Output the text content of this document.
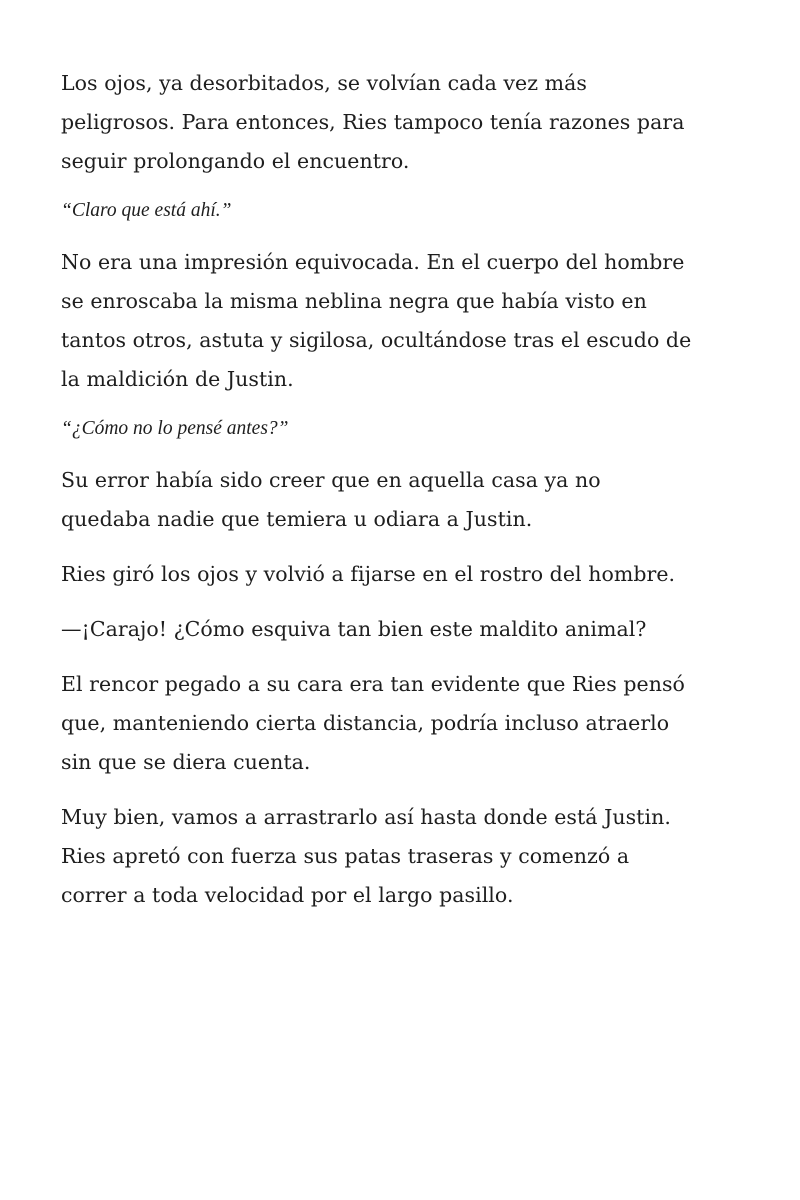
Los ojos, ya desorbitados, se volvían cada vez más
peligrosos. Para entonces, Ries tampoco tenía razones para
seguir prolongando el encuentro.

“Claro que está ahí.”

No era una impresión equivocada. En el cuerpo del hombre
se enroscaba la misma neblina negra que había visto en
tantos otros, astuta y sigilosa, ocultándose tras el escudo de
la maldición de Justin.

“¿Cómo no lo pensé antes?”

Su error había sido creer que en aquella casa ya no
quedaba nadie que temiera u odiara a Justin.

Ries giró los ojos y volvió a fijarse en el rostro del hombre.

—¡Carajo! ¿Cómo esquiva tan bien este maldito animal?

El rencor pegado a su cara era tan evidente que Ries pensó
que, manteniendo cierta distancia, podría incluso atraerlo
sin que se diera cuenta.

Muy bien, vamos a arrastrarlo así hasta donde está Justin.
Ries apretó con fuerza sus patas traseras y comenzó a
correr a toda velocidad por el largo pasillo.
